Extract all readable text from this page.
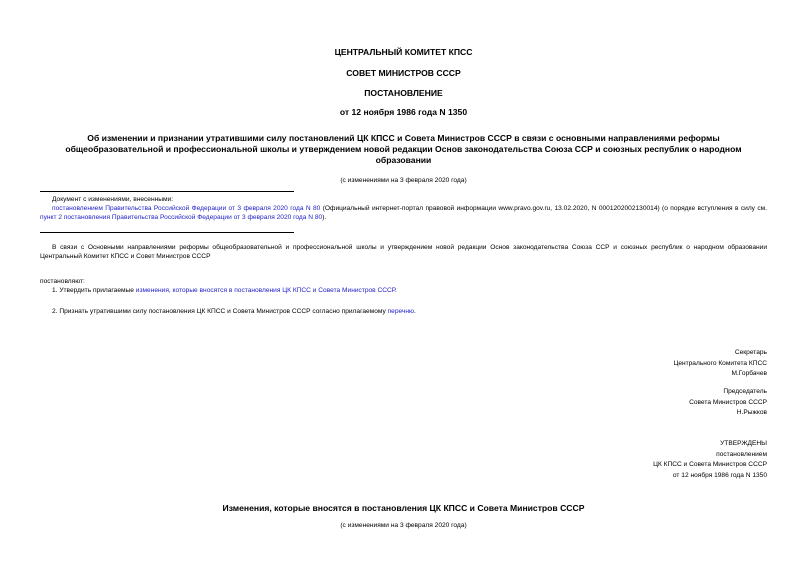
ЦЕНТРАЛЬНЫЙ КОМИТЕТ КПСС
СОВЕТ МИНИСТРОВ СССР
ПОСТАНОВЛЕНИЕ
от 12 ноября 1986 года N 1350
Об изменении и признании утратившими силу постановлений ЦК КПСС и Совета Министров СССР в связи с основными направлениями реформы
общеобразовательной и профессиональной школы и утверждением новой редакции Основ законодательства Союза ССР и союзных республик о народном
образовании
(с изменениями на 3 февраля 2020 года)
Документ с изменениями, внесенными:
постановлением Правительства Российской Федерации от 3 февраля 2020 года N 80 (Официальный интернет-портал правовой информации www.pravo.gov.ru, 13.02.2020, N 0001202002130014) (о порядке вступления в силу см. пункт 2 постановления Правительства Российской Федерации от 3 февраля 2020 года N 80).
В связи с Основными направлениями реформы общеобразовательной и профессиональной школы и утверждением новой редакции Основ законодательства Союза ССР и союзных республик о народном образовании Центральный Комитет КПСС и Совет Министров СССР
постановляют:
1. Утвердить прилагаемые изменения, которые вносятся в постановления ЦК КПСС и Совета Министров СССР.
2. Признать утратившими силу постановления ЦК КПСС и Совета Министров СССР согласно прилагаемому перечню.
Секретарь
Центрального Комитета КПСС
М.Горбачев
Председатель
Совета Министров СССР
Н.Рыжков
УТВЕРЖДЕНЫ
постановлением
ЦК КПСС и Совета Министров СССР
от 12 ноября 1986 года N 1350
Изменения, которые вносятся в постановления ЦК КПСС и Совета Министров СССР
(с изменениями на 3 февраля 2020 года)
